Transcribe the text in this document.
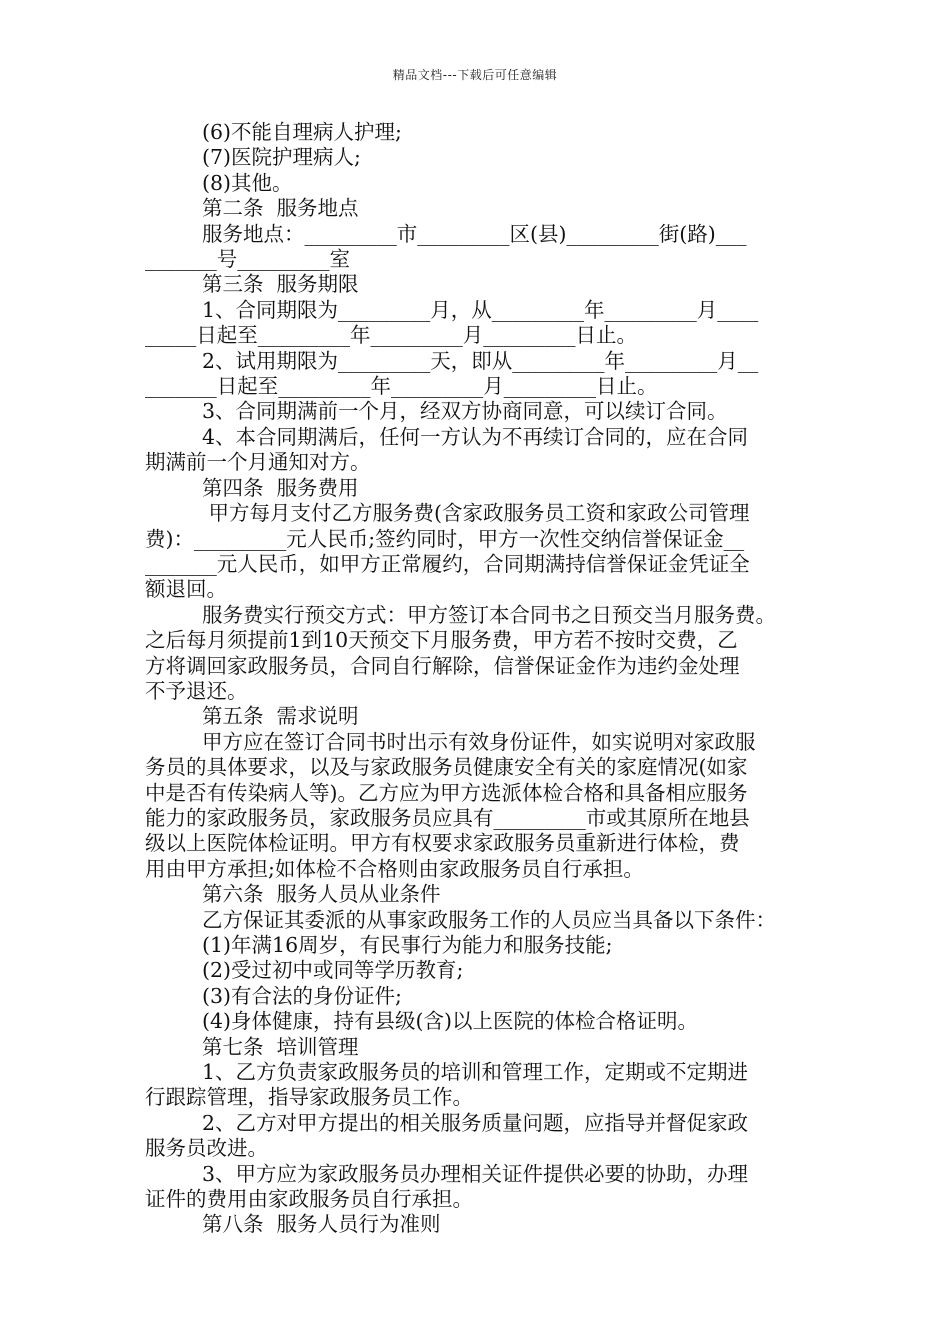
精品文档---下载后可任意编辑

(6)不能自理病人护理;

(7)医院护理病人;

(8)其他。

第二条  服务地点

服务地点：_________市_________区(县)_________街(路)___

_______号_________室

第三条  服务期限

1、合同期限为_________月，从_________年_________月____

_____日起至_________年_________月_________日止。

2、试用期限为_________天，即从_________年_________月__

_______日起至_________年_________月_________日止。

3、合同期满前一个月，经双方协商同意，可以续订合同。

4、本合同期满后，任何一方认为不再续订合同的，应在合同

期满前一个月通知对方。

第四条  服务费用

甲方每月支付乙方服务费(含家政服务员工资和家政公司管理

费)：_________元人民币;签约同时，甲方一次性交纳信誉保证金__

_______元人民币，如甲方正常履约，合同期满持信誉保证金凭证全

额退回。

服务费实行预交方式：甲方签订本合同书之日预交当月服务费。

之后每月须提前1到10天预交下月服务费，甲方若不按时交费，乙

方将调回家政服务员，合同自行解除，信誉保证金作为违约金处理

不予退还。

第五条  需求说明

甲方应在签订合同书时出示有效身份证件，如实说明对家政服

务员的具体要求，以及与家政服务员健康安全有关的家庭情况(如家

中是否有传染病人等)。乙方应为甲方选派体检合格和具备相应服务

能力的家政服务员，家政服务员应具有_________市或其原所在地县

级以上医院体检证明。甲方有权要求家政服务员重新进行体检，费

用由甲方承担;如体检不合格则由家政服务员自行承担。

第六条  服务人员从业条件

乙方保证其委派的从事家政服务工作的人员应当具备以下条件：

(1)年满16周岁，有民事行为能力和服务技能;

(2)受过初中或同等学历教育;

(3)有合法的身份证件;

(4)身体健康，持有县级(含)以上医院的体检合格证明。

第七条  培训管理

1、乙方负责家政服务员的培训和管理工作，定期或不定期进

行跟踪管理，指导家政服务员工作。

2、乙方对甲方提出的相关服务质量问题，应指导并督促家政

服务员改进。

3、甲方应为家政服务员办理相关证件提供必要的协助，办理

证件的费用由家政服务员自行承担。

第八条  服务人员行为准则
